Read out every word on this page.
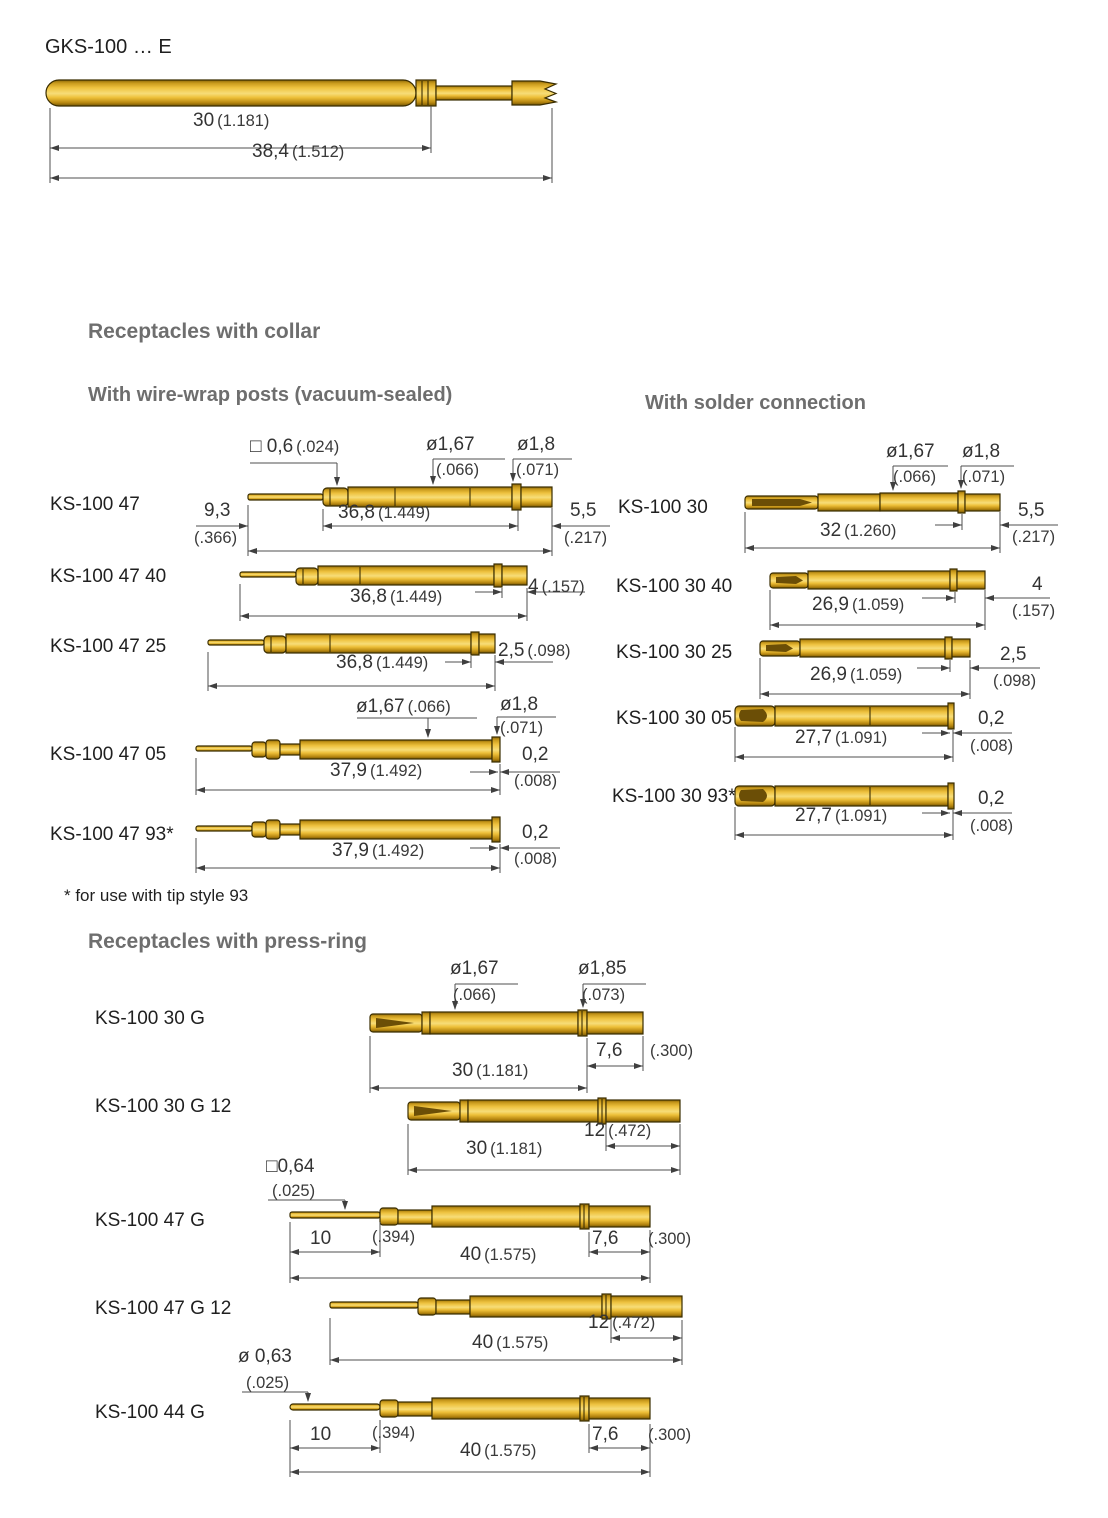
GKS-100 … E
Receptacles with collar
With wire-wrap posts (vacuum-sealed)	With solder connection
Receptacles with press-ring
* for use with tip style 93
KS-100 47
KS-100 47 40
KS-100 47 25
KS-100 47 05
KS-100 47 93*
KS-100 30
KS-100 30 40
KS-100 30 25
KS-100 30 05
KS-100 30 93*
KS-100 30 G
KS-100 30 G 12
KS-100 47 G
KS-100 47 G 12
KS-100 44 G
30 (1.181)
38,4 (1.512)
□ 0,6 (.024)	ø1,67
(.066)
ø1,8
(.071)
9,3
(.366)
36,8 (1.449)	5,5
(.217)
36,8 (1.449)	4 (.157)
36,8 (1.449)
2,5 (.098)
ø1,67 (.066)	ø1,8
(.071)
37,9 (1.492)
0,2
(.008)
37,9 (1.492)
0,2
(.008)
ø1,67
(.066)
ø1,8
(.071)
32 (1.260)
5,5
(.217)
26,9 (1.059)
4
(.157)
26,9 (1.059)
2,5
(.098)
27,7 (1.091)
0,2
(.008)
27,7 (1.091)
0,2
(.008)
ø1,67
(.066)
ø1,85
(.073)
30 (1.181)
7,6 (.300)
12 (.472)
30 (1.181)
□0,64
(.025)
10 (.394)
40 (1.575)
7,6 (.300)
12 (.472)
40 (1.575)
ø 0,63
(.025)
10 (.394)
40 (1.575)
7,6 (.300)
